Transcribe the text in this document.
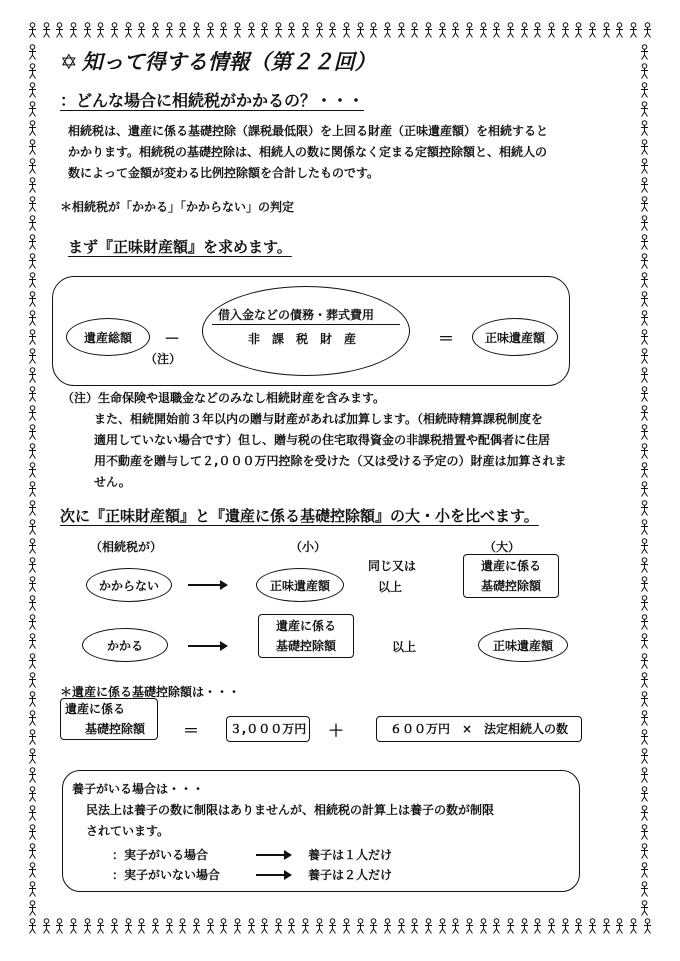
✡ 知って得する情報（第２２回）
：どんな場合に相続税がかかるの？・・・
相続税は、遺産に係る基礎控除（課税最低限）を上回る財産（正味遺産額）を相続すると
かかります。相続税の基礎控除は、相続人の数に関係なく定まる定額控除額と、相続人の
数によって金額が変わる比例控除額を合計したものです。
＊相続税が「かかる」「かからない」の判定
まず『正味財産額』を求めます。
遺産総額
（注）
－
借入金などの債務・葬式費用
非　課　税　財　産	＝	正味遺産額
（注）生命保険や退職金などのみなし相続財産を含みます。
また、相続開始前３年以内の贈与財産があれば加算します。（相続時精算課税制度を
適用していない場合です）但し、贈与税の住宅取得資金の非課税措置や配偶者に住居
用不動産を贈与して２,０００万円控除を受けた（又は受ける予定の）財産は加算されま
せん。
次に『正味財産額』と『遺産に係る基礎控除額』の大・小を比べます。
（相続税が）	（小）
同じ又は
（大）
かからない	正味遺産額	以上
遺産に係る
基礎控除額
かかる
遺産に係る
基礎控除額	以上	正味遺産額
＊遺産に係る基礎控除額は・・・
遺産に係る
基礎控除額 ＝	３,０００万円 ＋	６００万円　×　法定相続人の数
養子がいる場合は・・・
民法上は養子の数に制限はありませんが、相続税の計算上は養子の数が制限
されています。
：実子がいる場合	養子は１人だけ
：実子がいない場合	養子は２人だけ
